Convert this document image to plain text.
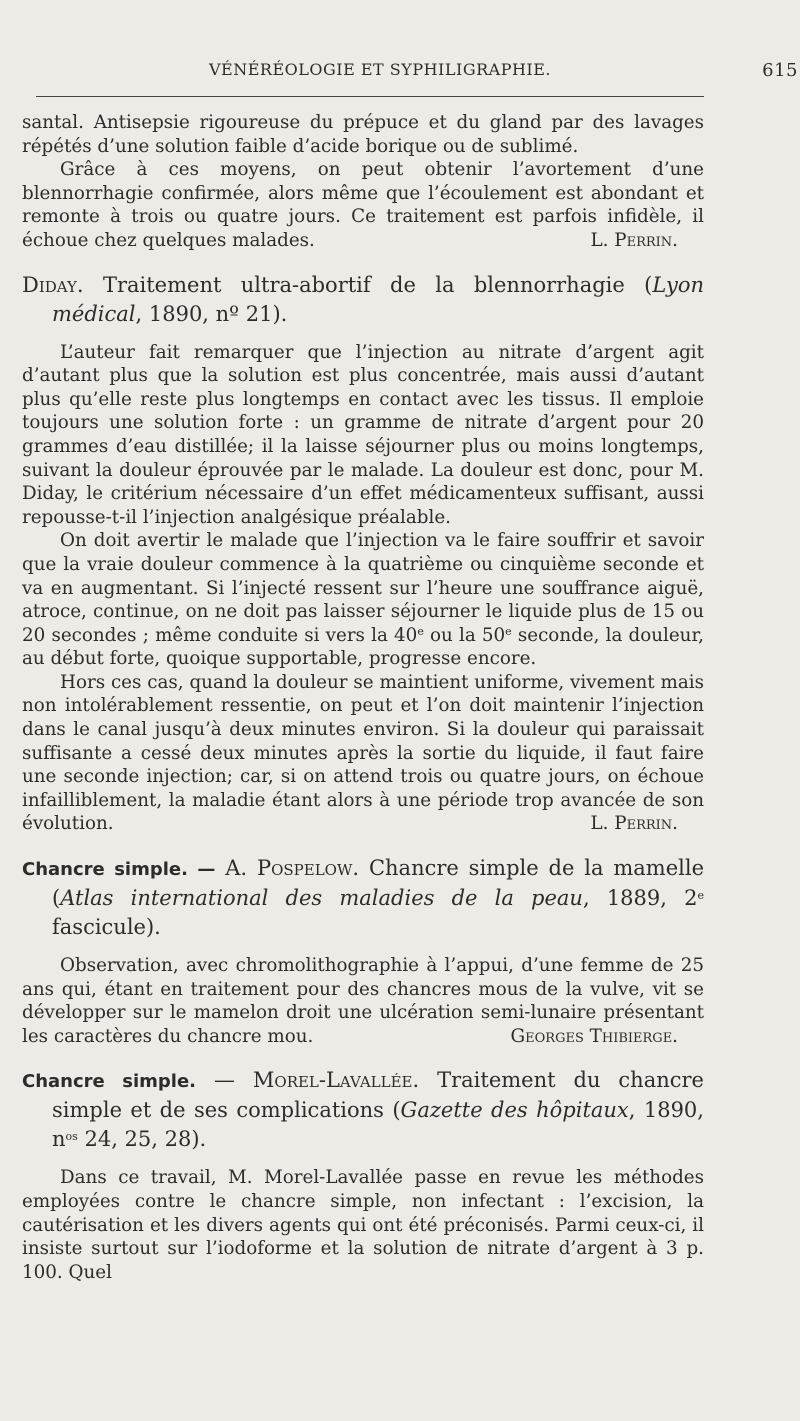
VÉNÉRÉOLOGIE ET SYPHILIGRAPHIE.	615

santal. Antisepsie rigoureuse du prépuce et du gland par des lavages répétés d’une solution faible d’acide borique ou de sublimé.

Grâce à ces moyens, on peut obtenir l’avortement d’une blennorrhagie confirmée, alors même que l’écoulement est abondant et remonte à trois ou quatre jours. Ce traitement est parfois infidèle, il échoue chez quelques malades.	L. Perrin.

Diday. Traitement ultra-abortif de la blennorrhagie (Lyon médical, 1890, nº 21).

L’auteur fait remarquer que l’injection au nitrate d’argent agit d’autant plus que la solution est plus concentrée, mais aussi d’autant plus qu’elle reste plus longtemps en contact avec les tissus. Il emploie toujours une solution forte : un gramme de nitrate d’argent pour 20 grammes d’eau distillée; il la laisse séjourner plus ou moins longtemps, suivant la douleur éprouvée par le malade. La douleur est donc, pour M. Diday, le critérium nécessaire d’un effet médicamenteux suffisant, aussi repousse-t-il l’injection analgésique préalable.

On doit avertir le malade que l’injection va le faire souffrir et savoir que la vraie douleur commence à la quatrième ou cinquième seconde et va en augmentant. Si l’injecté ressent sur l’heure une souffrance aiguë, atroce, continue, on ne doit pas laisser séjourner le liquide plus de 15 ou 20 secondes ; même conduite si vers la 40e ou la 50e seconde, la douleur, au début forte, quoique supportable, progresse encore.

Hors ces cas, quand la douleur se maintient uniforme, vivement mais non intolérablement ressentie, on peut et l’on doit maintenir l’injection dans le canal jusqu’à deux minutes environ. Si la douleur qui paraissait suffisante a cessé deux minutes après la sortie du liquide, il faut faire une seconde injection; car, si on attend trois ou quatre jours, on échoue infailliblement, la maladie étant alors à une période trop avancée de son évolution.	L. Perrin.

Chancre simple. — A. Pospelow. Chancre simple de la mamelle (Atlas international des maladies de la peau, 1889, 2e fascicule).

Observation, avec chromolithographie à l’appui, d’une femme de 25 ans qui, étant en traitement pour des chancres mous de la vulve, vit se développer sur le mamelon droit une ulcération semi-lunaire présentant les caractères du chancre mou.	Georges Thibierge.

Chancre simple. — Morel-Lavallée. Traitement du chancre simple et de ses complications (Gazette des hôpitaux, 1890, $n^{os}$ 24, 25, 28).

Dans ce travail, M. Morel-Lavallée passe en revue les méthodes employées contre le chancre simple, non infectant : l’excision, la cautérisation et les divers agents qui ont été préconisés. Parmi ceux-ci, il insiste surtout sur l’iodoforme et la solution de nitrate d’argent à 3 p. 100. Quel
